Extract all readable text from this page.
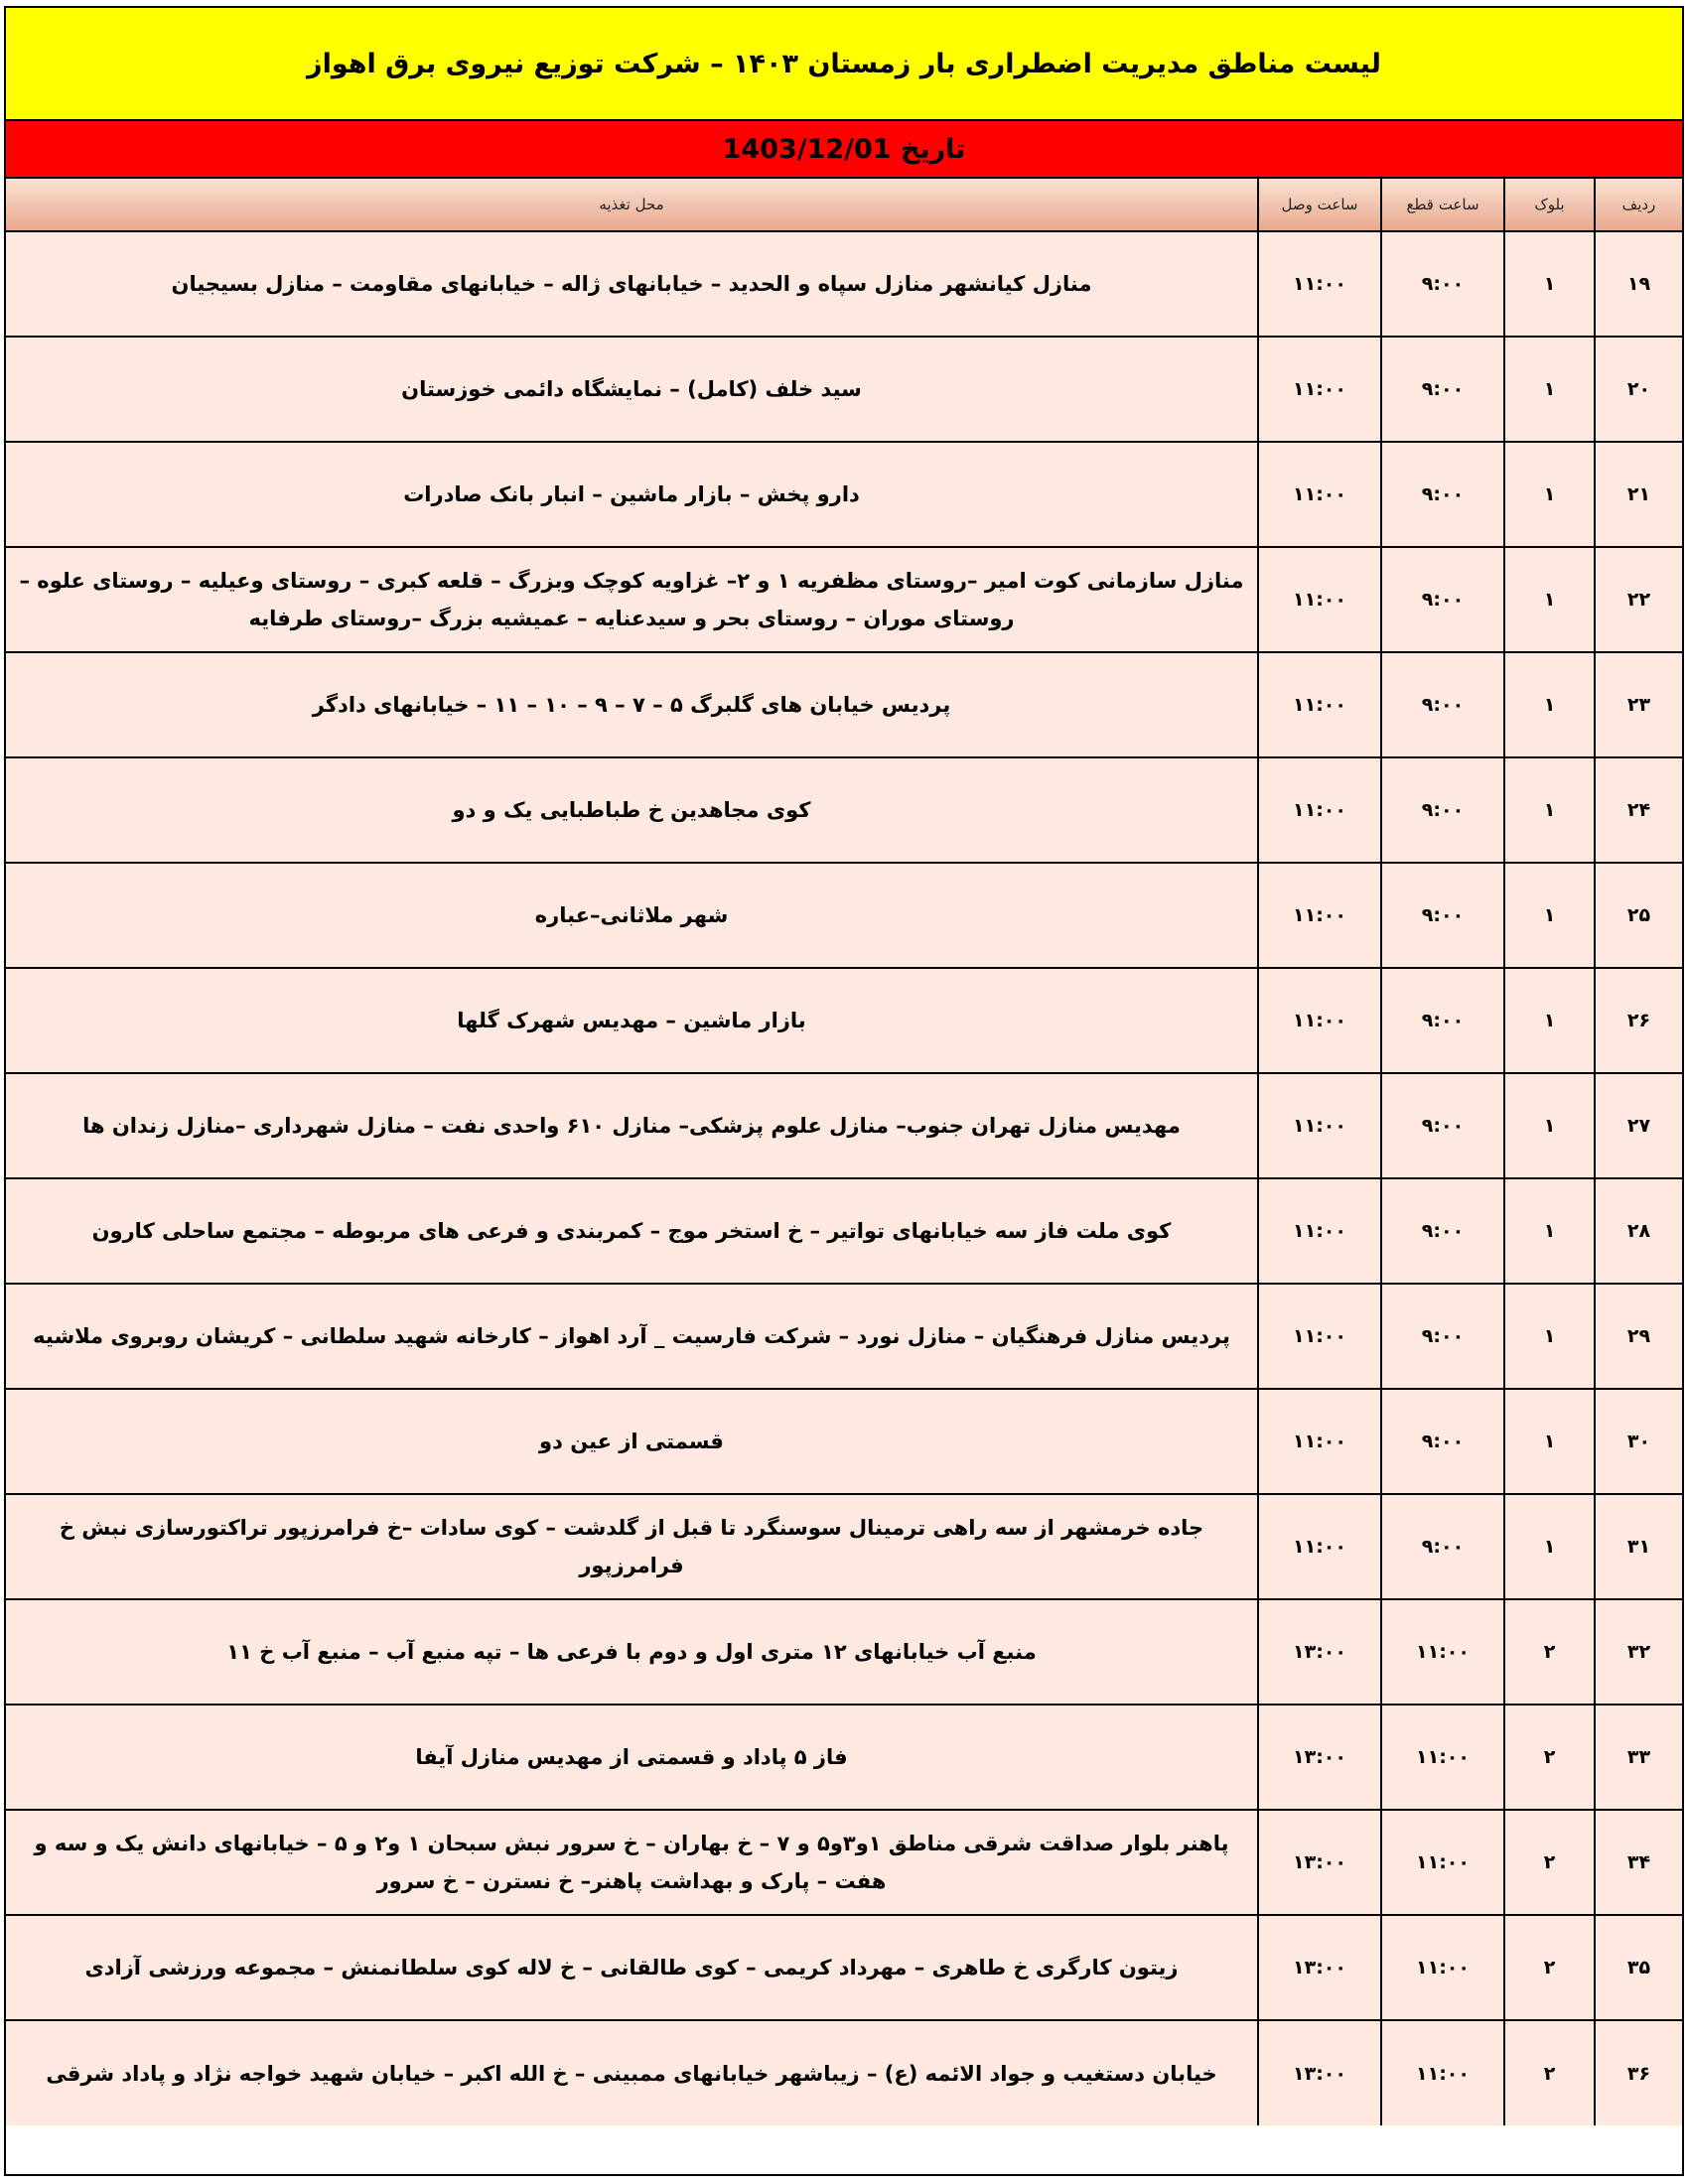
لیست مناطق مدیریت اضطراری بار زمستان ۱۴۰۳ – شرکت توزیع نیروی برق اهواز
تاریخ 1403/12/01
ردیف	بلوک	ساعت قطع	ساعت وصل	محل تغذیه
۱۹	۱	۹:۰۰	۱۱:۰۰	منازل کیانشهر منازل سپاه و الحدید – خیابانهای ژاله – خیابانهای مقاومت – منازل بسیجیان
۲۰	۱	۹:۰۰	۱۱:۰۰	سید خلف (کامل) – نمایشگاه دائمی خوزستان
۲۱	۱	۹:۰۰	۱۱:۰۰	دارو پخش – بازار ماشین – انبار بانک صادرات
۲۲	۱	۹:۰۰	۱۱:۰۰	منازل سازمانی کوت امیر –روستای مظفریه ۱ و ۲– غزاویه کوچک وبزرگ – قلعه کبری – روستای وعیلیه – روستای علوه – روستای موران – روستای بحر و سیدعنایه – عمیشیه بزرگ –روستای طرفایه
۲۳	۱	۹:۰۰	۱۱:۰۰	پردیس خیابان های گلبرگ ۵ – ۷ – ۹ – ۱۰ – ۱۱ – خیابانهای دادگر
۲۴	۱	۹:۰۰	۱۱:۰۰	کوی مجاهدین خ طباطبایی یک و دو
۲۵	۱	۹:۰۰	۱۱:۰۰	شهر ملاثانی–عباره
۲۶	۱	۹:۰۰	۱۱:۰۰	بازار ماشین – مهدیس شهرک گلها
۲۷	۱	۹:۰۰	۱۱:۰۰	مهدیس منازل تهران جنوب– منازل علوم پزشکی– منازل ۶۱۰ واحدی نفت – منازل شهرداری –منازل زندان ها
۲۸	۱	۹:۰۰	۱۱:۰۰	کوی ملت فاز سه خیابانهای تواتیر – خ استخر موج – کمربندی و فرعی های مربوطه – مجتمع ساحلی کارون
۲۹	۱	۹:۰۰	۱۱:۰۰	پردیس منازل فرهنگیان – منازل نورد – شرکت فارسیت _ آرد اهواز – کارخانه شهید سلطانی – کریشان روبروی ملاشیه
۳۰	۱	۹:۰۰	۱۱:۰۰	قسمتی از عین دو
۳۱	۱	۹:۰۰	۱۱:۰۰	جاده خرمشهر از سه راهی ترمینال سوسنگرد تا قبل از گلدشت – کوی سادات –خ فرامرزپور تراکتورسازی نبش خ فرامرزپور
۳۲	۲	۱۱:۰۰	۱۳:۰۰	منبع آب خیابانهای ۱۲ متری اول و دوم با فرعی ها – تپه منبع آب – منبع آب خ ۱۱
۳۳	۲	۱۱:۰۰	۱۳:۰۰	فاز ۵ پاداد و قسمتی از مهدیس منازل آیفا
۳۴	۲	۱۱:۰۰	۱۳:۰۰	پاهنر بلوار صداقت شرقی مناطق ۱و۳و۵ و ۷ – خ بهاران – خ سرور نبش سبحان ۱ و۲ و ۵ – خیابانهای دانش یک و سه و هفت – پارک و بهداشت پاهنر– خ نسترن – خ سرور
۳۵	۲	۱۱:۰۰	۱۳:۰۰	زیتون کارگری خ طاهری – مهرداد کریمی – کوی طالقانی – خ لاله کوی سلطانمنش – مجموعه ورزشی آزادی
۳۶	۲	۱۱:۰۰	۱۳:۰۰	خیابان دستغیب و جواد الائمه (ع) – زیباشهر خیابانهای ممبینی – خ الله اکبر – خیابان شهید خواجه نژاد و پاداد شرقی
